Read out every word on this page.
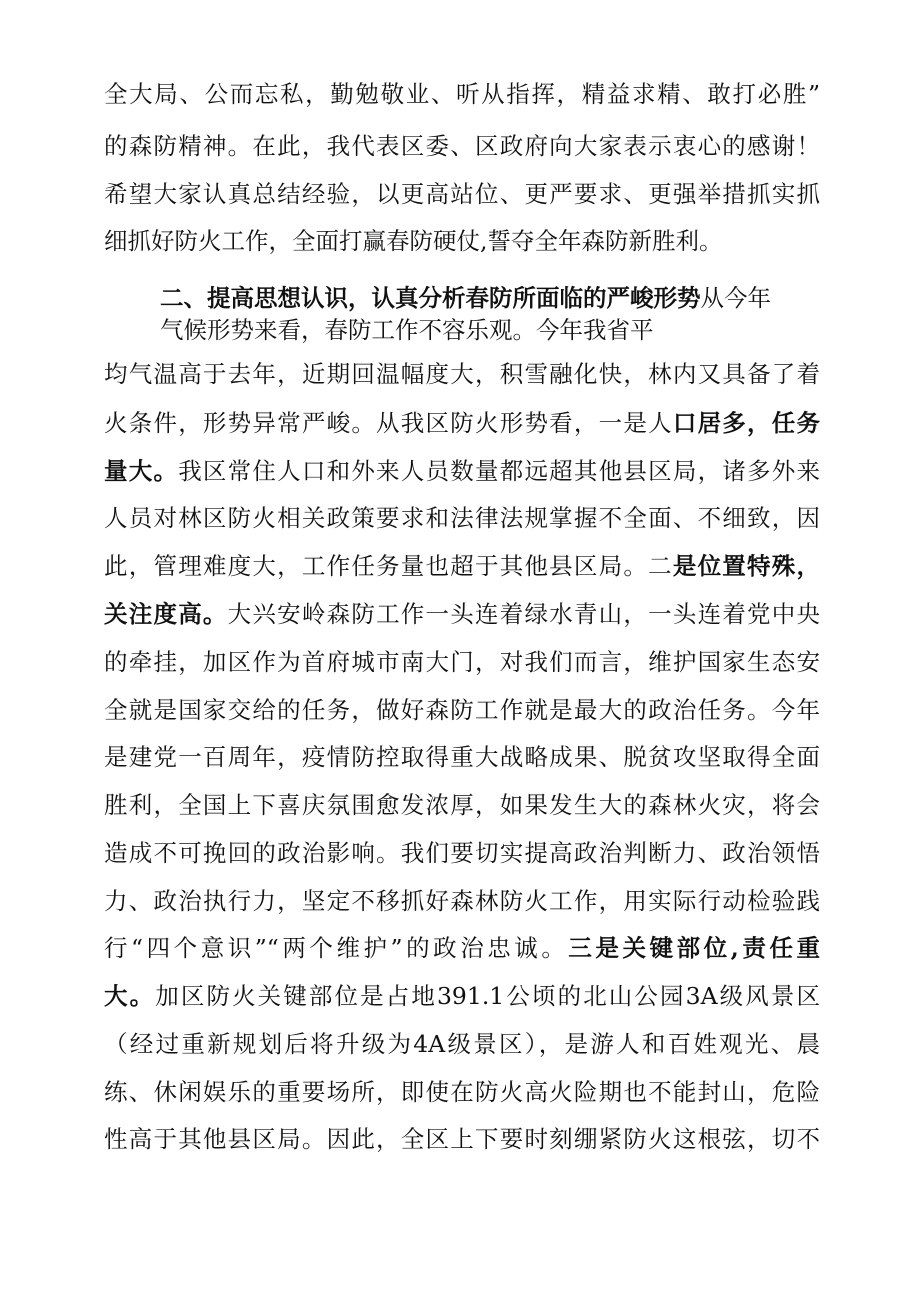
全大局、公而忘私，勤勉敬业、听从指挥，精益求精、敢打必胜”
的森防精神。在此，我代表区委、区政府向大家表示衷心的感谢！
希望大家认真总结经验，以更高站位、更严要求、更强举措抓实抓
细抓好防火工作，全面打赢春防硬仗,誓夺全年森防新胜利。
二、提高思想认识，认真分析春防所面临的严峻形势从今年
气候形势来看，春防工作不容乐观。今年我省平
均气温高于去年，近期回温幅度大，积雪融化快，林内又具备了着
火条件，形势异常严峻。从我区防火形势看，一是人口居多，任务
量大。我区常住人口和外来人员数量都远超其他县区局，诸多外来
人员对林区防火相关政策要求和法律法规掌握不全面、不细致，因
此，管理难度大，工作任务量也超于其他县区局。二是位置特殊，
关注度高。大兴安岭森防工作一头连着绿水青山，一头连着党中央
的牵挂，加区作为首府城市南大门，对我们而言，维护国家生态安
全就是国家交给的任务，做好森防工作就是最大的政治任务。今年
是建党一百周年，疫情防控取得重大战略成果、脱贫攻坚取得全面
胜利，全国上下喜庆氛围愈发浓厚，如果发生大的森林火灾，将会
造成不可挽回的政治影响。我们要切实提高政治判断力、政治领悟
力、政治执行力，坚定不移抓好森林防火工作，用实际行动检验践
行“四个意识”“两个维护”的政治忠诚。三是关键部位,责任重
大。加区防火关键部位是占地391.1公顷的北山公园3A级风景区
（经过重新规划后将升级为4A级景区），是游人和百姓观光、晨
练、休闲娱乐的重要场所，即使在防火高火险期也不能封山，危险
性高于其他县区局。因此，全区上下要时刻绷紧防火这根弦，切不
